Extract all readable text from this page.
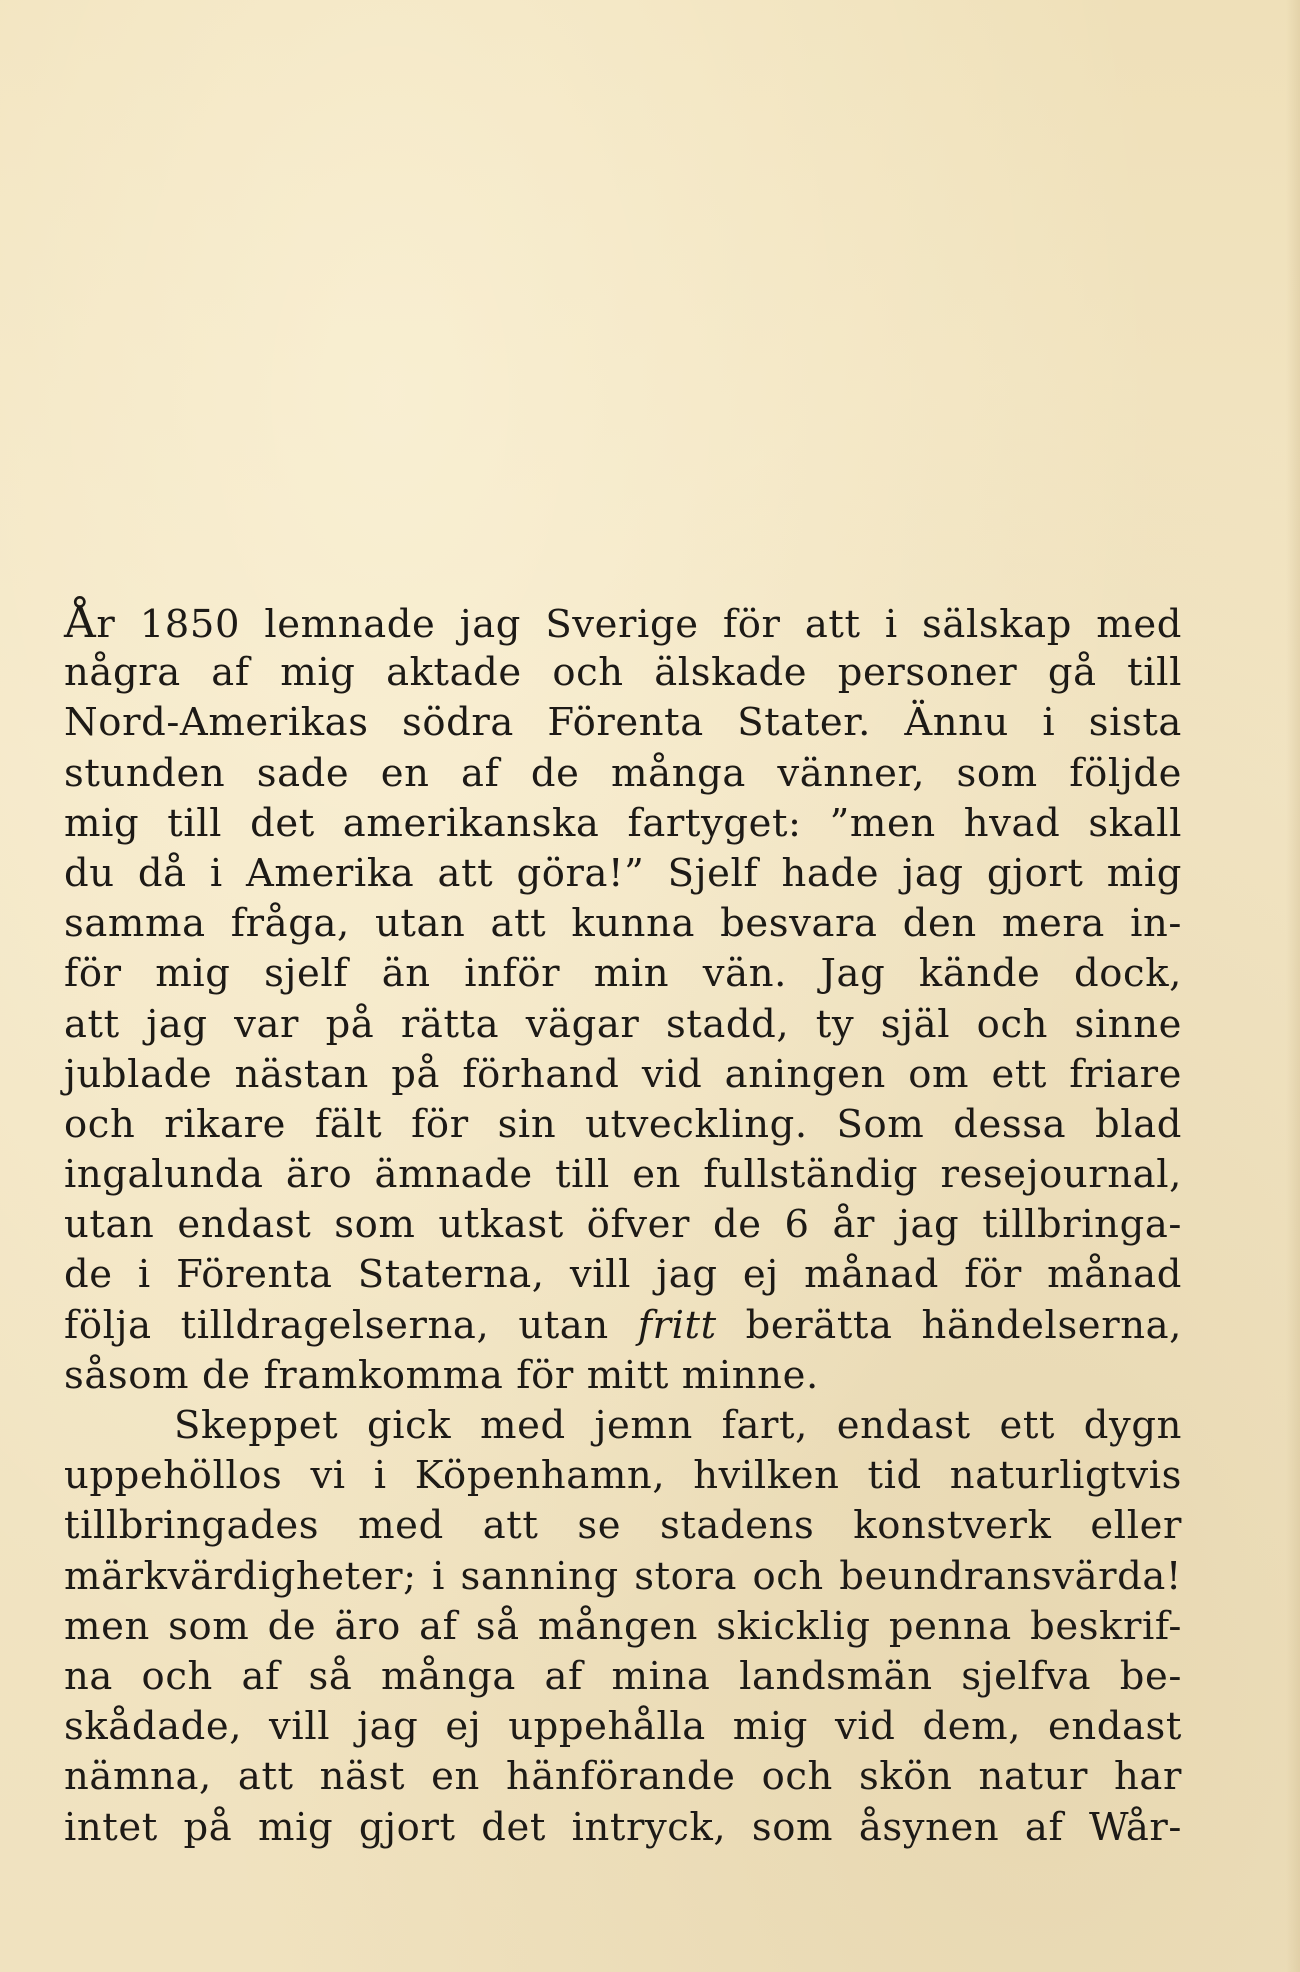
År 1850 lemnade jag Sverige för att i sälskap med
några af mig aktade och älskade personer gå till
Nord-Amerikas södra Förenta Stater. Ännu i sista
stunden sade en af de många vänner, som följde
mig till det amerikanska fartyget: ”men hvad skall
du då i Amerika att göra!” Sjelf hade jag gjort mig
samma fråga, utan att kunna besvara den mera in-
för mig sjelf än inför min vän. Jag kände dock,
att jag var på rätta vägar stadd, ty själ och sinne
jublade nästan på förhand vid aningen om ett friare
och rikare fält för sin utveckling. Som dessa blad
ingalunda äro ämnade till en fullständig resejournal,
utan endast som utkast öfver de 6 år jag tillbringa-
de i Förenta Staterna, vill jag ej månad för månad
följa tilldragelserna, utan fritt berätta händelserna,
såsom de framkomma för mitt minne.
Skeppet gick med jemn fart, endast ett dygn
uppehöllos vi i Köpenhamn, hvilken tid naturligtvis
tillbringades med att se stadens konstverk eller
märkvärdigheter; i sanning stora och beundransvärda!
men som de äro af så mången skicklig penna beskrif-
na och af så många af mina landsmän sjelfva be-
skådade, vill jag ej uppehålla mig vid dem, endast
nämna, att näst en hänförande och skön natur har
intet på mig gjort det intryck, som åsynen af Wår-
